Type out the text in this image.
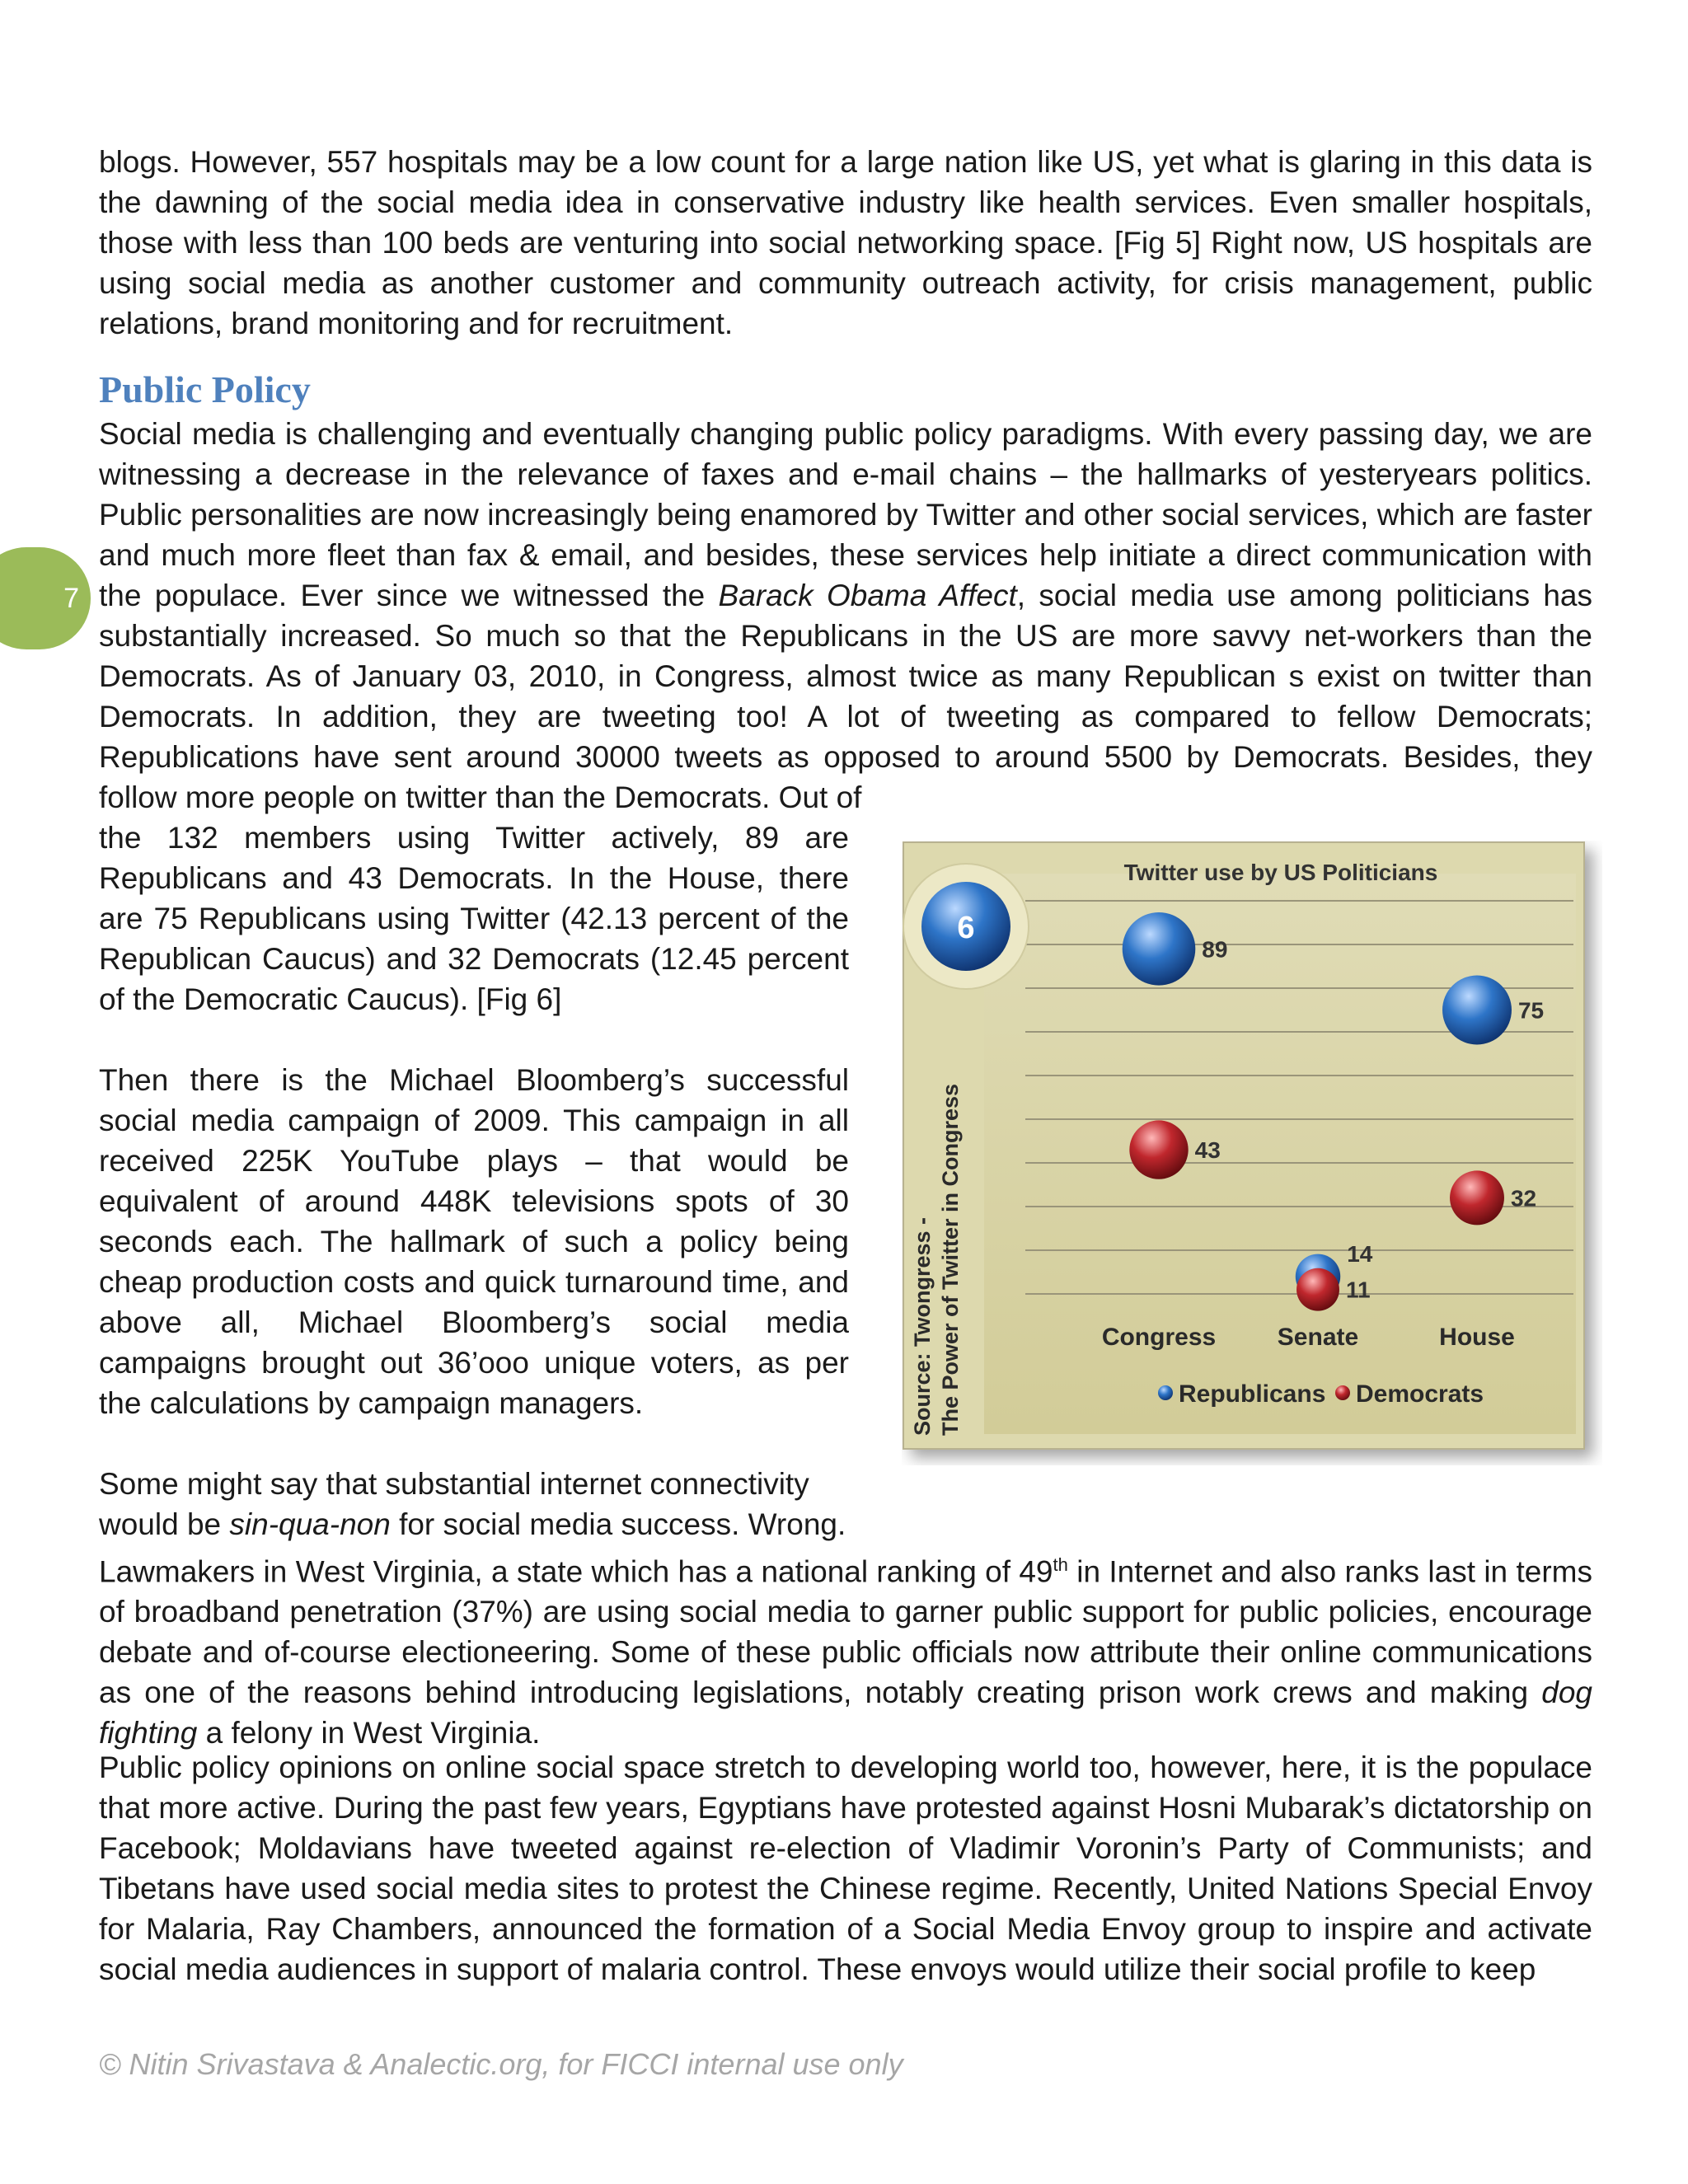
7

blogs. However, 557 hospitals may be a low count for a large nation like US, yet what is glaring in this data is the dawning of the social media idea in conservative industry like health services. Even smaller hospitals, those with less than 100 beds are venturing into social networking space. [Fig 5] Right now, US hospitals are using social media as another customer and community outreach activity, for crisis management, public relations, brand monitoring and for recruitment.

Public Policy

Social media is challenging and eventually changing public policy paradigms. With every passing day, we are witnessing a decrease in the relevance of faxes and e-mail chains – the hallmarks of yesteryears politics. Public personalities are now increasingly being enamored by Twitter and other social services, which are faster and much more fleet than fax & email, and besides, these services help initiate a direct communication with the populace. Ever since we witnessed the Barack Obama Affect, social media use among politicians has substantially increased. So much so that the Republicans in the US are more savvy net-workers than the Democrats. As of January 03, 2010, in Congress, almost twice as many Republican s exist on twitter than Democrats. In addition, they are tweeting too! A lot of tweeting as compared to fellow Democrats; Republications have sent around 30000 tweets as opposed to around 5500 by Democrats. Besides, they follow more people on twitter than the Democrats. Out of

the 132 members using Twitter actively, 89 are Republicans and 43 Democrats. In the House, there are 75 Republicans using Twitter (42.13 percent of the Republican Caucus) and 32 Democrats (12.45 percent of the Democratic Caucus). [Fig 6]

Then there is the Michael Bloomberg’s successful social media campaign of 2009. This campaign in all received 225K YouTube plays – that would be equivalent of around 448K televisions spots of 30 seconds each. The hallmark of such a policy being cheap production costs and quick turnaround time, and above all, Michael Bloomberg’s social media campaigns brought out 36’ooo unique voters, as per the calculations by campaign managers.

Some might say that substantial internet connectivity
would be sin-qua-non for social media success. Wrong.

Lawmakers in West Virginia, a state which has a national ranking of 49th in Internet and also ranks last in terms of broadband penetration (37%) are using social media to garner public support for public policies, encourage debate and of-course electioneering. Some of these public officials now attribute their online communications as one of the reasons behind introducing legislations, notably creating prison work crews and making dog fighting a felony in West Virginia.

Public policy opinions on online social space stretch to developing world too, however, here, it is the populace that more active. During the past few years, Egyptians have protested against Hosni Mubarak’s dictatorship on Facebook; Moldavians have tweeted against re-election of Vladimir Voronin’s Party of Communists; and Tibetans have used social media sites to protest the Chinese regime. Recently, United Nations Special Envoy for Malaria, Ray Chambers, announced the formation of a Social Media Envoy group to inspire and activate social media audiences in support of malaria control. These envoys would utilize their social profile to keep

© Nitin Srivastava & Analectic.org, for FICCI internal use only

89
14
75
43
11
32
Congress Senate	House
6
Twitter use by US Politicians
Source: Twongress - The Power of Twitter in Congress	Republicans Democrats
